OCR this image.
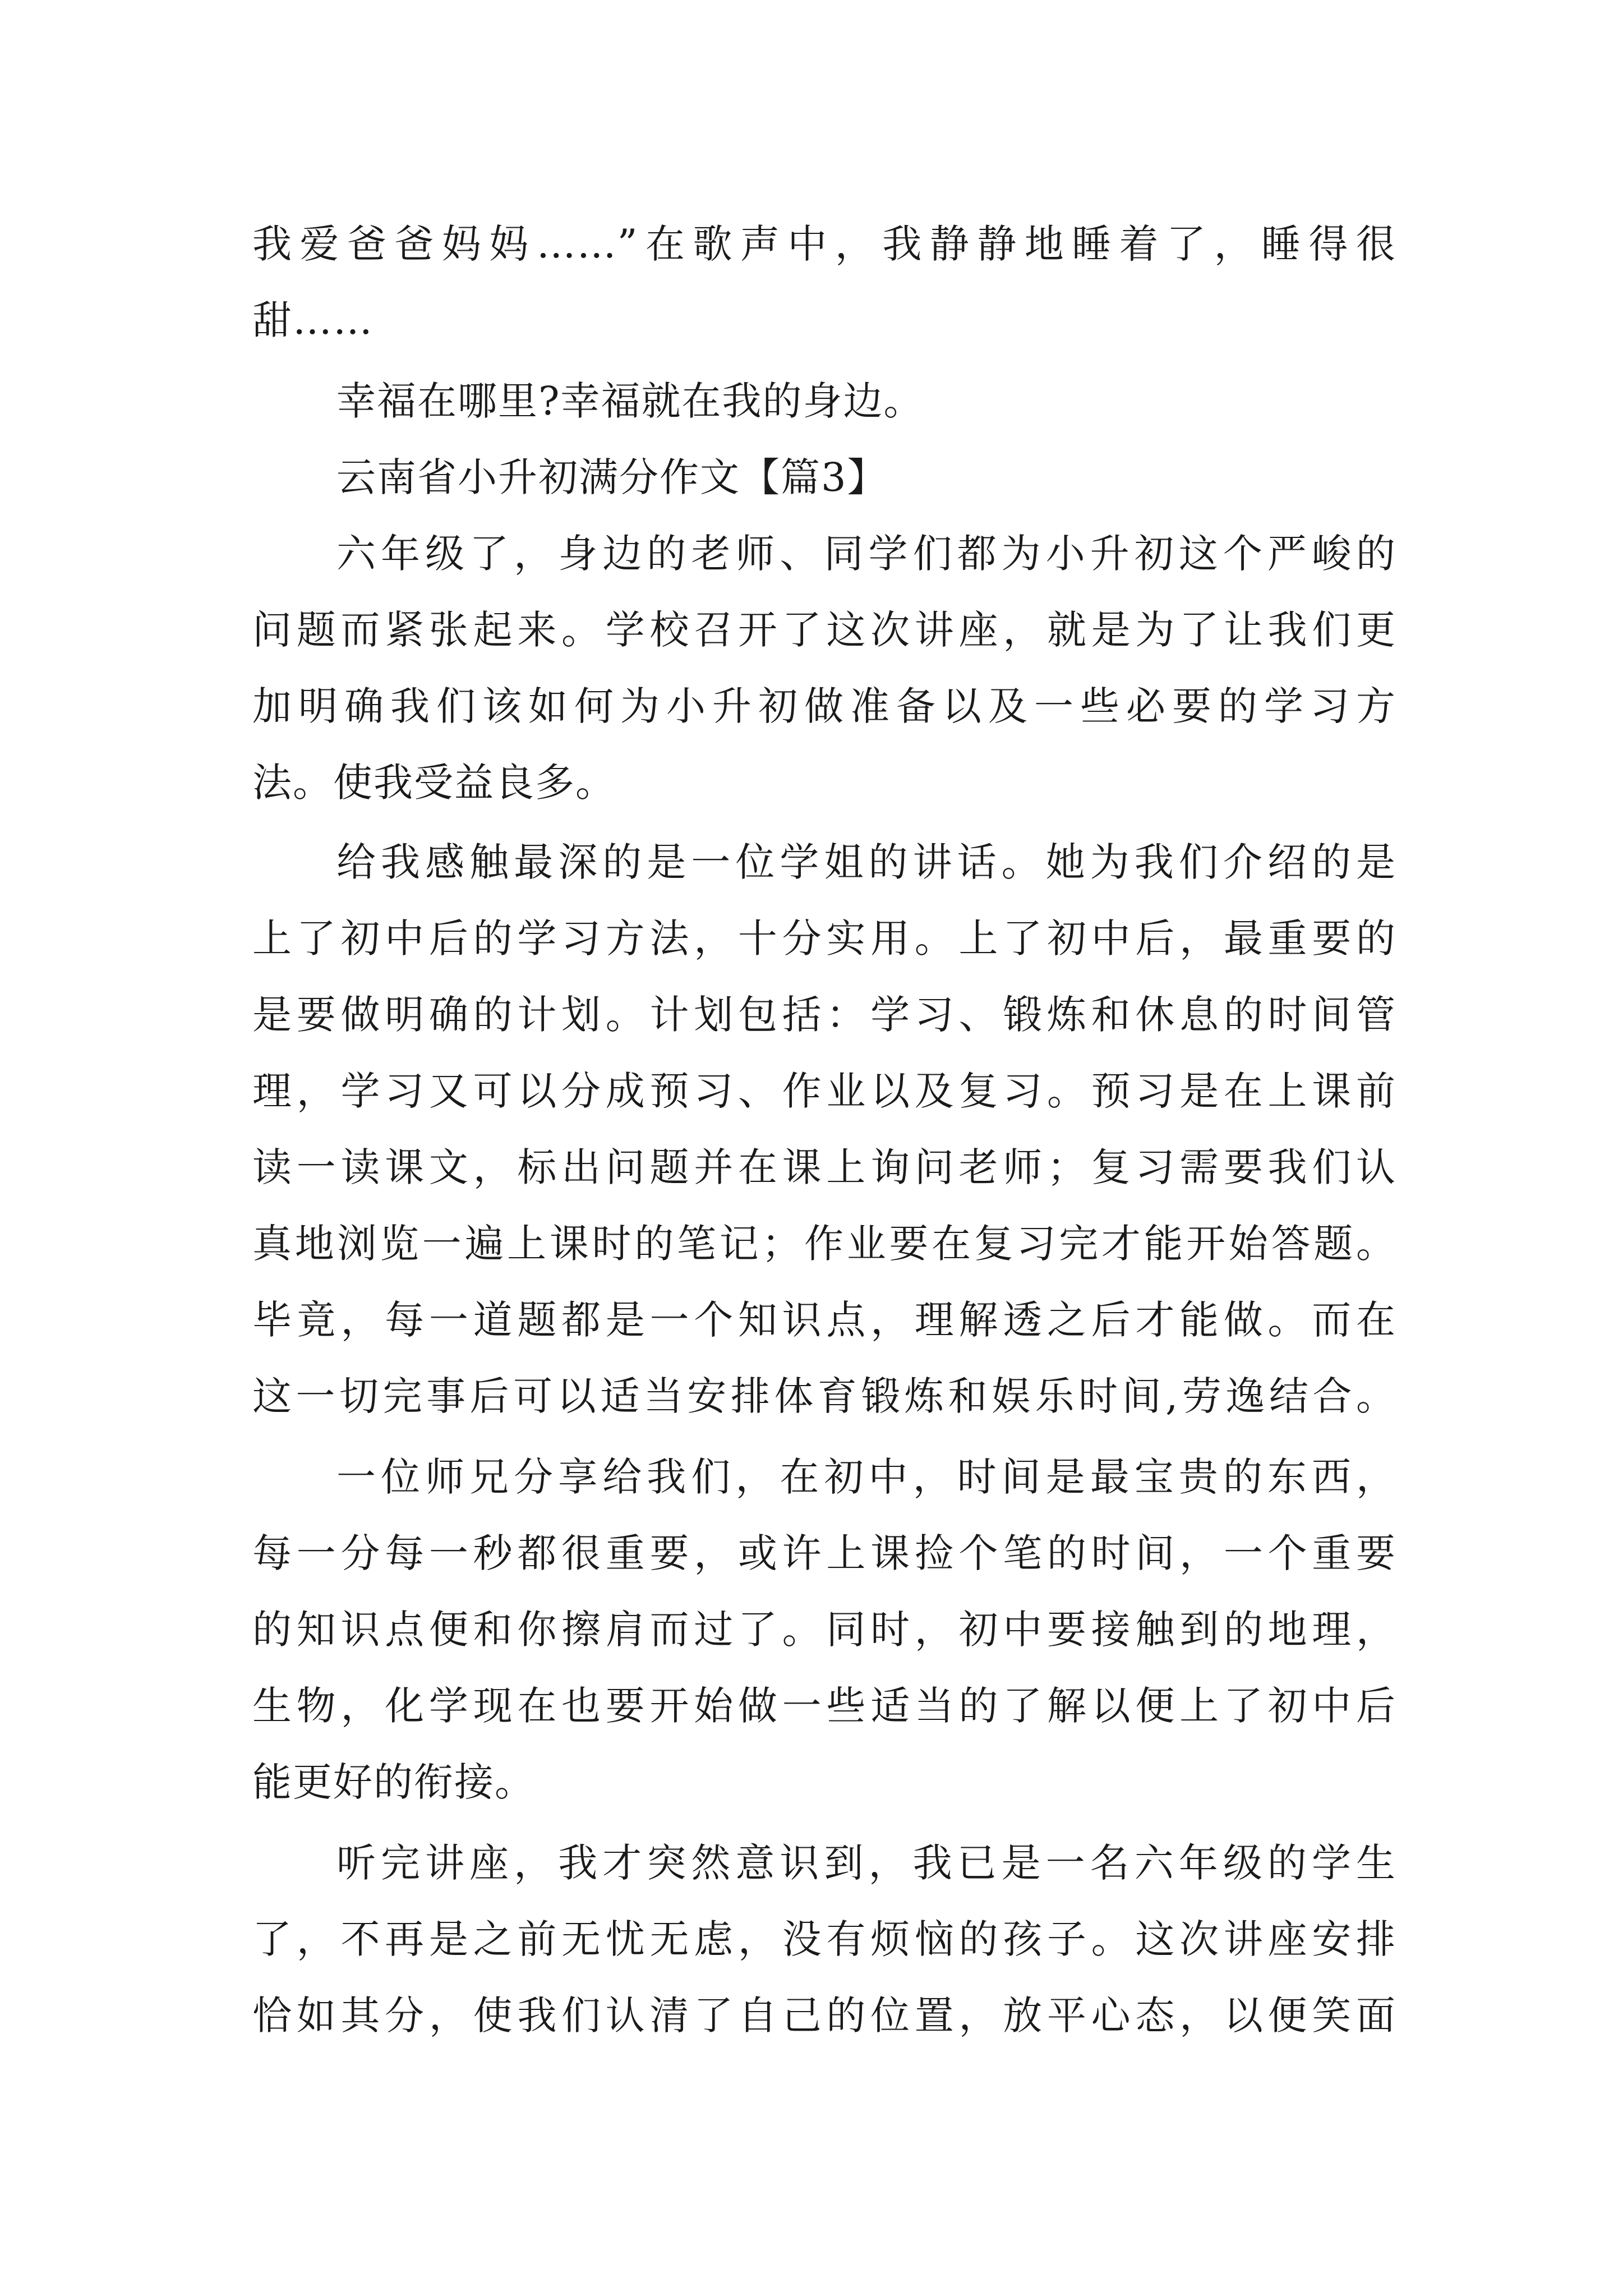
我爱爸爸妈妈……”在歌声中，我静静地睡着了，睡得很
甜……
幸福在哪里?幸福就在我的身边。
云南省小升初满分作文【篇3】
六年级了，身边的老师、同学们都为小升初这个严峻的
问题而紧张起来。学校召开了这次讲座，就是为了让我们更
加明确我们该如何为小升初做准备以及一些必要的学习方
法。使我受益良多。
给我感触最深的是一位学姐的讲话。她为我们介绍的是
上了初中后的学习方法，十分实用。上了初中后，最重要的
是要做明确的计划。计划包括：学习、锻炼和休息的时间管
理，学习又可以分成预习、作业以及复习。预习是在上课前
读一读课文，标出问题并在课上询问老师；复习需要我们认
真地浏览一遍上课时的笔记；作业要在复习完才能开始答题。
毕竟，每一道题都是一个知识点，理解透之后才能做。而在
这一切完事后可以适当安排体育锻炼和娱乐时间,劳逸结合。
一位师兄分享给我们，在初中，时间是最宝贵的东西，
每一分每一秒都很重要，或许上课捡个笔的时间，一个重要
的知识点便和你擦肩而过了。同时，初中要接触到的地理，
生物，化学现在也要开始做一些适当的了解以便上了初中后
能更好的衔接。
听完讲座，我才突然意识到，我已是一名六年级的学生
了，不再是之前无忧无虑，没有烦恼的孩子。这次讲座安排
恰如其分，使我们认清了自己的位置，放平心态，以便笑面
